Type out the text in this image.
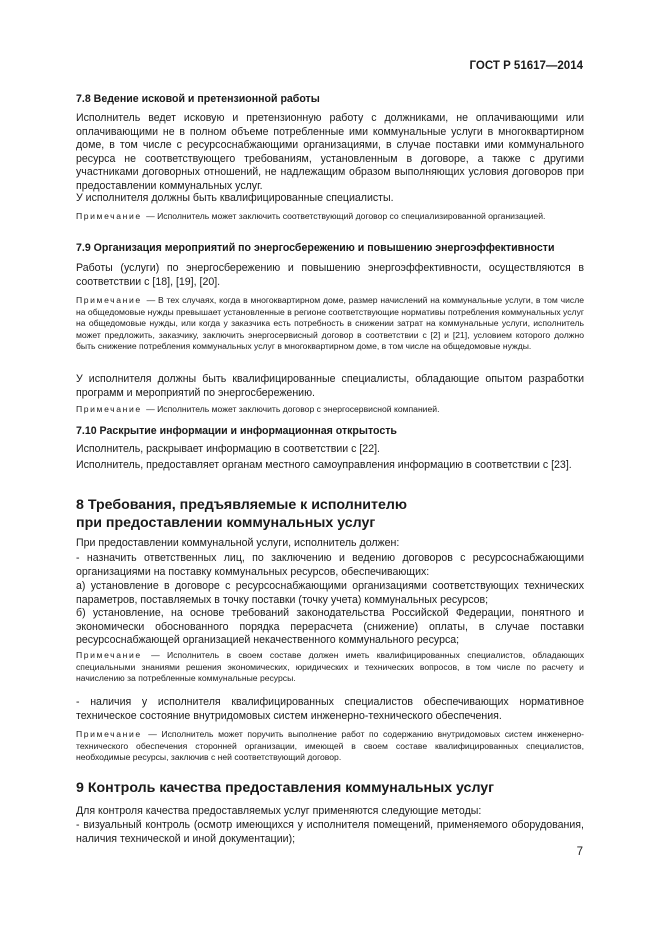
ГОСТ Р 51617—2014
7.8 Ведение исковой и претензионной работы

Исполнитель ведет исковую и претензионную работу с должниками, не оплачивающими или оплачивающими не в полном объеме потребленные ими коммунальные услуги в многоквартирном доме, в том числе с ресурсоснабжающими организациями, в случае поставки ими коммунального ресурса не соответствующего требованиям, установленным в договоре, а также с другими участниками договорных отношений, не надлежащим образом выполняющих условия договоров при предоставлении коммунальных услуг.

У исполнителя должны быть квалифицированные специалисты.

Примечание — Исполнитель может заключить соответствующий договор со специализированной организацией.

7.9 Организация мероприятий по энергосбережению и повышению энергоэффективности

Работы (услуги) по энергосбережению и повышению энергоэффективности, осуществляются в соответствии с [18], [19], [20].

Примечание — В тех случаях, когда в многоквартирном доме, размер начислений на коммунальные услуги, в том числе на общедомовые нужды превышает установленные в регионе соответствующие нормативы потребления коммунальных услуг на общедомовые нужды, или когда у заказчика есть потребность в снижении затрат на коммунальные услуги, исполнитель может предложить, заказчику, заключить энергосервисный договор в соответствии с [2] и [21], условием которого должно быть снижение потребления коммунальных услуг в многоквартирном доме, в том числе на общедомовые нужды.

У исполнителя должны быть квалифицированные специалисты, обладающие опытом разработки программ и мероприятий по энергосбережению.

Примечание — Исполнитель может заключить договор с энергосервисной компанией.

7.10 Раскрытие информации и информационная открытость

Исполнитель, раскрывает информацию в соответствии с [22].

Исполнитель, предоставляет органам местного самоуправления информацию в соответствии с [23].

8 Требования, предъявляемые к исполнителю
при предоставлении коммунальных услуг

При предоставлении коммунальной услуги, исполнитель должен:

- назначить ответственных лиц, по заключению и ведению договоров с ресурсоснабжающими организациями на поставку коммунальных ресурсов, обеспечивающих:

а) установление в договоре с ресурсоснабжающими организациями соответствующих технических параметров, поставляемых в точку поставки (точку учета) коммунальных ресурсов;

б) установление, на основе требований законодательства Российской Федерации, понятного и экономически обоснованного порядка перерасчета (снижение) оплаты, в случае поставки ресурсоснабжающей организацией некачественного коммунального ресурса;

Примечание — Исполнитель в своем составе должен иметь квалифицированных специалистов, обладающих специальными знаниями решения экономических, юридических и технических вопросов, в том числе по расчету и начислению за потребленные коммунальные ресурсы.

- наличия у исполнителя квалифицированных специалистов обеспечивающих нормативное техническое состояние внутридомовых систем инженерно-технического обеспечения.

Примечание — Исполнитель может поручить выполнение работ по содержанию внутридомовых систем инженерно-технического обеспечения сторонней организации, имеющей в своем составе квалифицированных специалистов, необходимые ресурсы, заключив с ней соответствующий договор.

9 Контроль качества предоставления коммунальных услуг

Для контроля качества предоставляемых услуг применяются следующие методы:

- визуальный контроль (осмотр имеющихся у исполнителя помещений, применяемого оборудования, наличия технической и иной документации);

7
